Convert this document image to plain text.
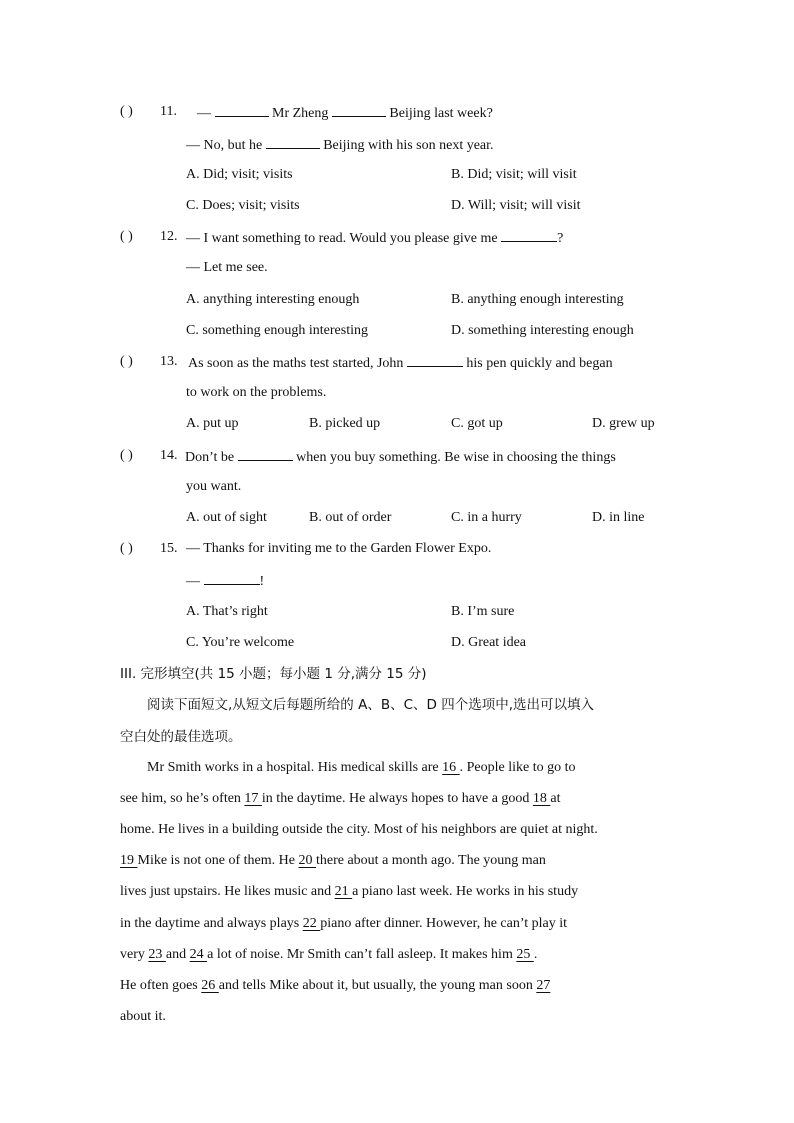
( ) 11. —	Mr Zheng	Beijing last week?
— No, but he	Beijing with his son next year.
A. Did; visit; visits	B. Did; visit; will visit
C. Does; visit; visits	D. Will; visit; will visit
( ) 12. — I want something to read. Would you please give me	?
— Let me see.
A. anything interesting enough	B. anything enough interesting
C. something enough interesting	D. something interesting enough
( ) 13. As soon as the maths test started, John	his pen quickly and began
to work on the problems.
A. put up	B. picked up	C. got up	D. grew up
( ) 14. Don’t be	when you buy something. Be wise in choosing the things
you want.
A. out of sight	B. out of order	C. in a hurry	D. in line
( ) 15. — Thanks for inviting me to the Garden Flower Expo.
—	!
A. That’s right	B. I’m sure
C. You’re welcome	D. Great idea
III. 完形填空(共 15 小题；每小题 1 分,满分 15 分)
阅读下面短文,从短文后每题所给的 A、B、C、D 四个选项中,选出可以填入
空白处的最佳选项。
Mr Smith works in a hospital. His medical skills are 16 . People like to go to
see him, so he’s often 17 in the daytime. He always hopes to have a good 18 at
home. He lives in a building outside the city. Most of his neighbors are quiet at night.
19 Mike is not one of them. He 20 there about a month ago. The young man
lives just upstairs. He likes music and 21 a piano last week. He works in his study
in the daytime and always plays 22 piano after dinner. However, he can’t play it
very 23 and 24 a lot of noise. Mr Smith can’t fall asleep. It makes him 25 .
He often goes 26 and tells Mike about it, but usually, the young man soon 27
about it.
